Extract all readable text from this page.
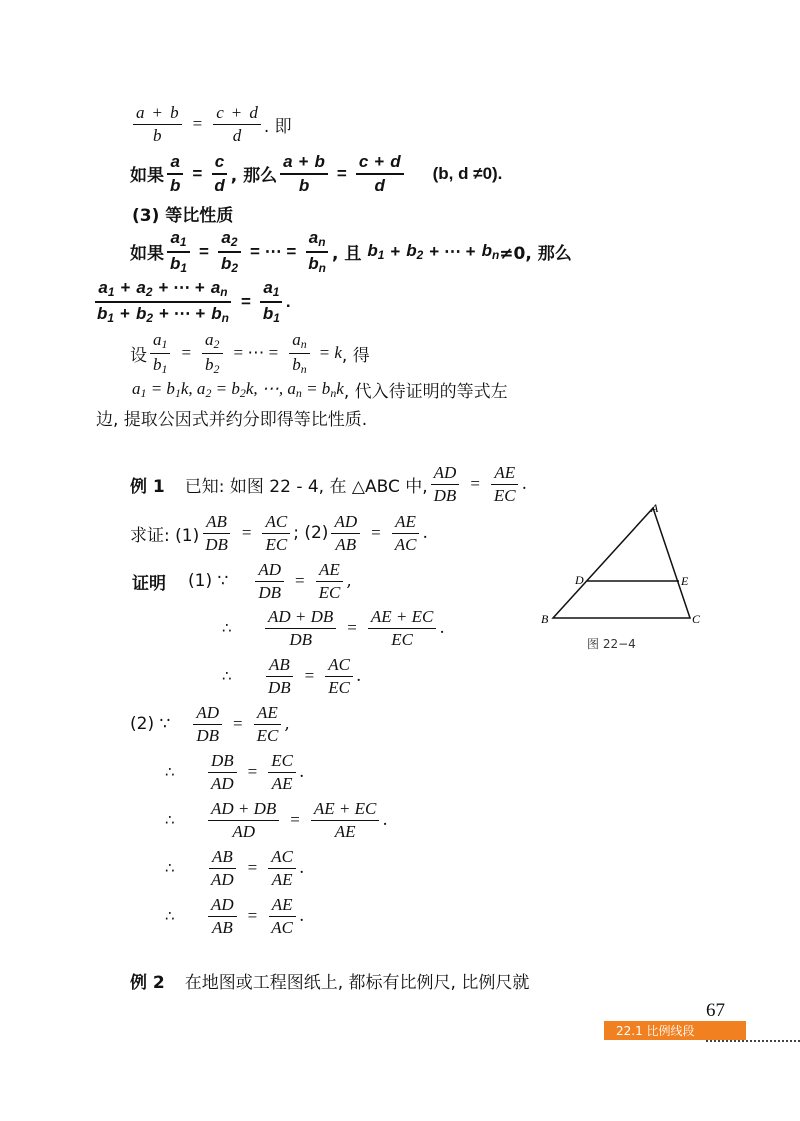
$\frac{a + b}{b} = \frac{c + d}{d}$ . 即
如果 $\frac{a}{b} = \frac{c}{d}$ , 那么 $\frac{a + b}{b} = \frac{c + d}{d} (b$, d ≠0).
(3) 等比性质
如果 $\frac{a_1}{b_1} = \frac{a_2}{b_2}$ = ⋯ = $\frac{a_n}{b_n}$ , 且 $b_1 + b_2$ + ⋯ + $b_n \ne 0$, 那么
$\frac{a_1 + a_2 + \cdots + a_n}{b_1 + b_2 + \cdots + b_n} = \frac{a_1}{b_1}$ .
设 $\frac{a_1}{b_1} = \frac{a_2}{b_2}$ = ⋯ = $\frac{a_n}{b_n} = k$ , 得
$a_1 = b_1k$, $a_2 = b_2k$, ⋯, $a_n = b_nk$ , 代入待证明的等式左
边, 提取公因式并约分即得等比性质.
例 1 已知: 如图 22 - 4, 在 △ABC 中, $\frac{AD}{DB} = \frac{AE}{EC}$ .
求证: $(1) \frac{AB}{DB} = \frac{AC}{EC}$ ; $(2) \frac{AD}{AB} = \frac{AE}{AC}$ .
证明 (1) ∵ $\frac{AD}{DB} = \frac{AE}{EC}$ ,
∴	$\frac{AD + DB}{DB} = \frac{AE + EC}{EC}$ .
∴	$\frac{AB}{DB} = \frac{AC}{EC}$ .
(2) ∵ $\frac{AD}{DB} = \frac{AE}{EC}$ ,
∴	$\frac{DB}{AD} = \frac{EC}{AE}$ .
∴	$\frac{AD + DB}{AD} = \frac{AE + EC}{AE}$ .
∴	$\frac{AB}{AD} = \frac{AC}{AE}$ .
∴	$\frac{AD}{AB} = \frac{AE}{AC}$ .
例 2 在地图或工程图纸上, 都标有比例尺, 比例尺就
A
B	C
D	E
图 22−4
67
22.1 比例线段
